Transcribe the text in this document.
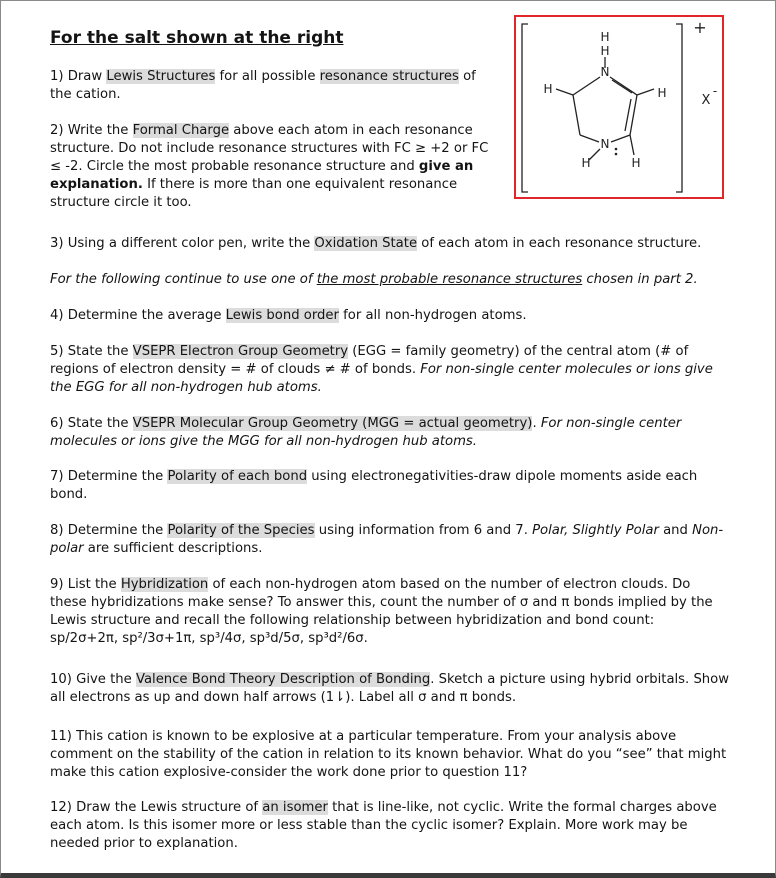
For the salt shown at the right

1) Draw Lewis Structures for all possible resonance structures of the cation.

2) Write the Formal Charge above each atom in each resonance structure. Do not include resonance structures with FC ≥ +2 or FC ≤ -2. Circle the most probable resonance structure and give an explanation. If there is more than one equivalent resonance structure circle it too.

3) Using a different color pen, write the Oxidation State of each atom in each resonance structure.

For the following continue to use one of the most probable resonance structures chosen in part 2.

4) Determine the average Lewis bond order for all non-hydrogen atoms.

5) State the VSEPR Electron Group Geometry (EGG = family geometry) of the central atom (# of regions of electron density = # of clouds ≠ # of bonds. For non-single center molecules or ions give the EGG for all non-hydrogen hub atoms.

6) State the VSEPR Molecular Group Geometry (MGG = actual geometry). For non-single center molecules or ions give the MGG for all non-hydrogen hub atoms.

7) Determine the Polarity of each bond using electronegativities-draw dipole moments aside each bond.

8) Determine the Polarity of the Species using information from 6 and 7. Polar, Slightly Polar and Non-polar are sufficient descriptions.

9) List the Hybridization of each non-hydrogen atom based on the number of electron clouds. Do these hybridizations make sense? To answer this, count the number of σ and π bonds implied by the Lewis structure and recall the following relationship between hybridization and bond count:
sp/2σ+2π, sp²/3σ+1π, sp³/4σ, sp³d/5σ, sp³d²/6σ.

10) Give the Valence Bond Theory Description of Bonding. Sketch a picture using hybrid orbitals. Show all electrons as up and down half arrows (1⇂). Label all σ and π bonds.

11) This cation is known to be explosive at a particular temperature. From your analysis above comment on the stability of the cation in relation to its known behavior. What do you “see” that might make this cation explosive-consider the work done prior to question 11?

12) Draw the Lewis structure of an isomer that is line-like, not cyclic. Write the formal charges above each atom. Is this isomer more or less stable than the cyclic isomer? Explain. More work may be needed prior to explanation.

H
H
N
H	H
N
H	H
+
X
-
